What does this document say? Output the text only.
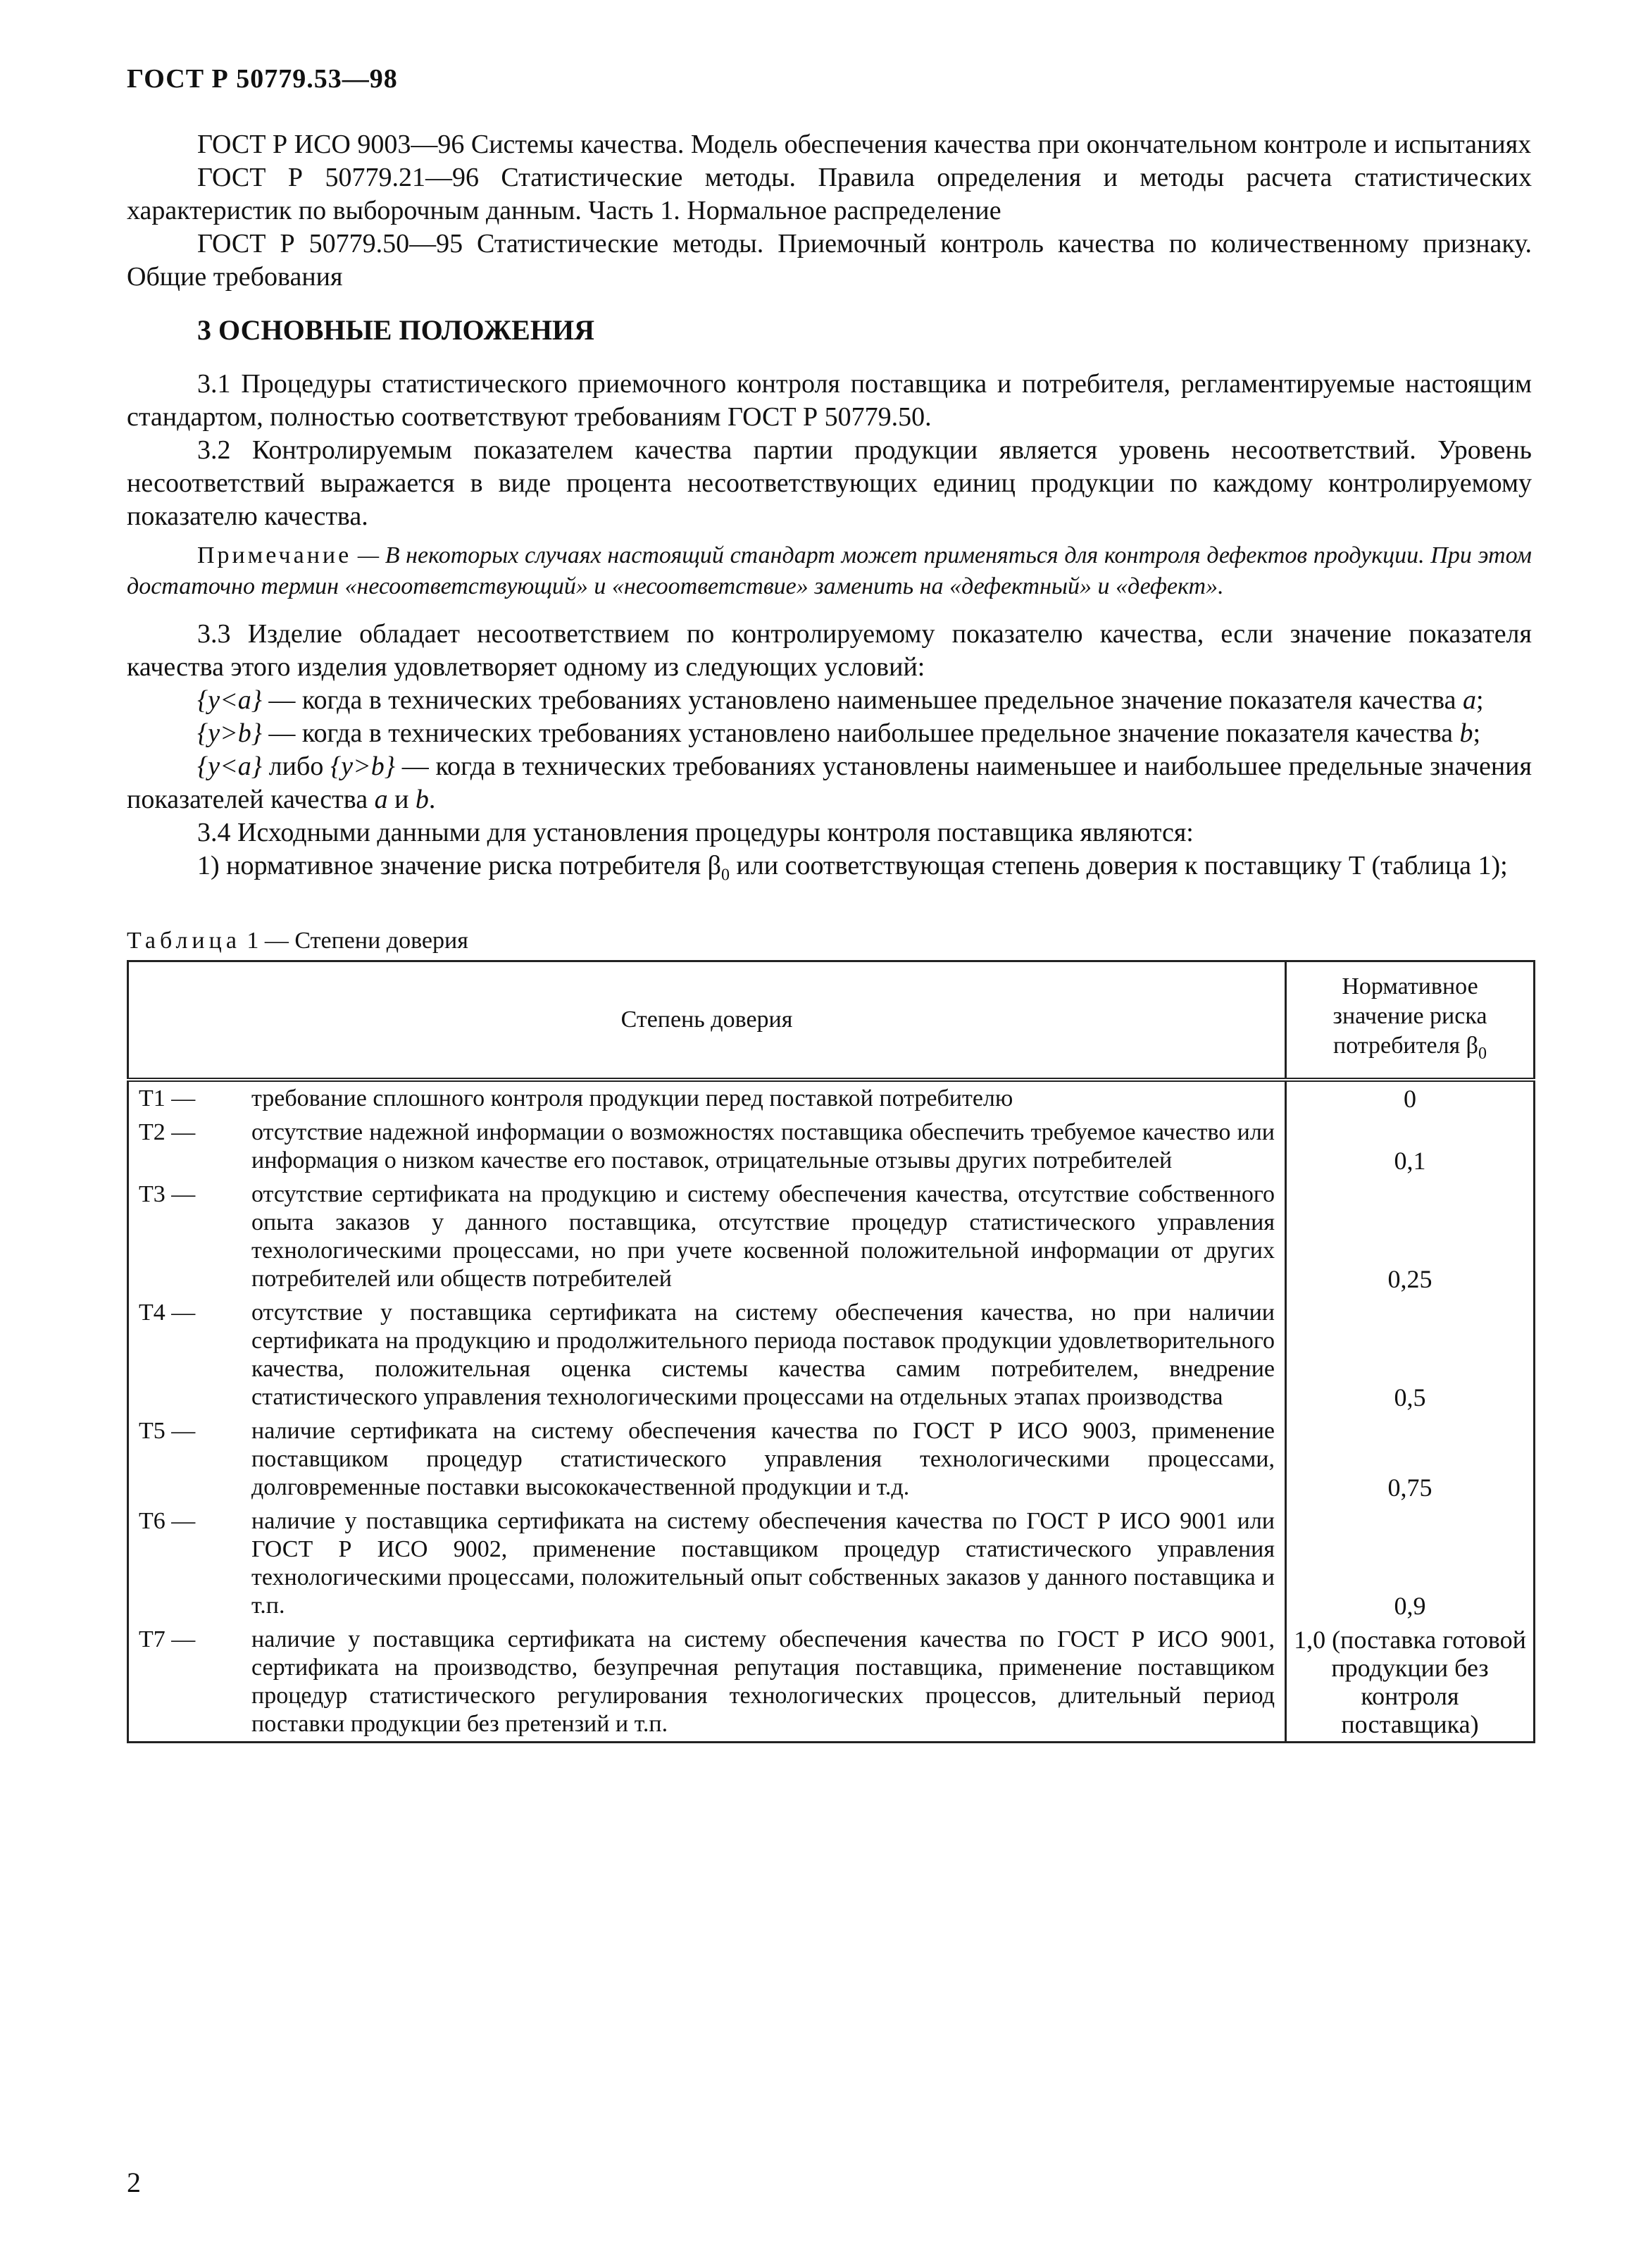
ГОСТ Р 50779.53—98

ГОСТ Р ИСО 9003—96 Системы качества. Модель обеспечения качества при окончательном контроле и испытаниях

ГОСТ Р 50779.21—96 Статистические методы. Правила определения и методы расчета статистических характеристик по выборочным данным. Часть 1. Нормальное распределение

ГОСТ Р 50779.50—95 Статистические методы. Приемочный контроль качества по количественному признаку. Общие требования

3 ОСНОВНЫЕ ПОЛОЖЕНИЯ

3.1 Процедуры статистического приемочного контроля поставщика и потребителя, регламентируемые настоящим стандартом, полностью соответствуют требованиям ГОСТ Р 50779.50.

3.2 Контролируемым показателем качества партии продукции является уровень несоответствий. Уровень несоответствий выражается в виде процента несоответствующих единиц продукции по каждому контролируемому показателю качества.

Примечание — В некоторых случаях настоящий стандарт может применяться для контроля дефектов продукции. При этом достаточно термин «несоответствующий» и «несоответствие» заменить на «дефектный» и «дефект».

3.3 Изделие обладает несоответствием по контролируемому показателю качества, если значение показателя качества этого изделия удовлетворяет одному из следующих условий:

{y<a} — когда в технических требованиях установлено наименьшее предельное значение показателя качества a;

{y>b} — когда в технических требованиях установлено наибольшее предельное значение показателя качества b;

{y<a} либо {y>b} — когда в технических требованиях установлены наименьшее и наибольшее предельные значения показателей качества a и b.

3.4 Исходными данными для установления процедуры контроля поставщика являются:

1) нормативное значение риска потребителя $\beta_0$ или соответствующая степень доверия к поставщику Т (таблица 1);

Таблица 1 — Степени доверия
Степень доверия		Нормативное значение риска потребителя $\beta_0$
Т1 —	требование сплошного контроля продукции перед поставкой потребителю	0
Т2 —	отсутствие надежной информации о возможностях поставщика обеспечить требуемое качество или информация о низком качестве его поставок, отрицательные отзывы других потребителей	0,1
Т3 —	отсутствие сертификата на продукцию и систему обеспечения качества, отсутствие собственного опыта заказов у данного поставщика, отсутствие процедур статистического управления технологическими процессами, но при учете косвенной положительной информации от других потребителей или обществ потребителей	0,25
Т4 —	отсутствие у поставщика сертификата на систему обеспечения качества, но при наличии сертификата на продукцию и продолжительного периода поставок продукции удовлетворительного качества, положительная оценка системы качества самим потребителем, внедрение статистического управления технологическими процессами на отдельных этапах производства	0,5
Т5 —	наличие сертификата на систему обеспечения качества по ГОСТ Р ИСО 9003, применение поставщиком процедур статистического управления технологическими процессами, долговременные поставки высококачественной продукции и т.д.	0,75
Т6 —	наличие у поставщика сертификата на систему обеспечения качества по ГОСТ Р ИСО 9001 или ГОСТ Р ИСО 9002, применение поставщиком процедур статистического управления технологическими процессами, положительный опыт собственных заказов у данного поставщика и т.п.	0,9
Т7 —	наличие у поставщика сертификата на систему обеспечения качества по ГОСТ Р ИСО 9001, сертификата на производство, безупречная репутация поставщика, применение поставщиком процедур статистического регулирования технологических процессов, длительный период поставки продукции без претензий и т.п.	1,0 (поставка готовой продукции без контроля поставщика)
2
